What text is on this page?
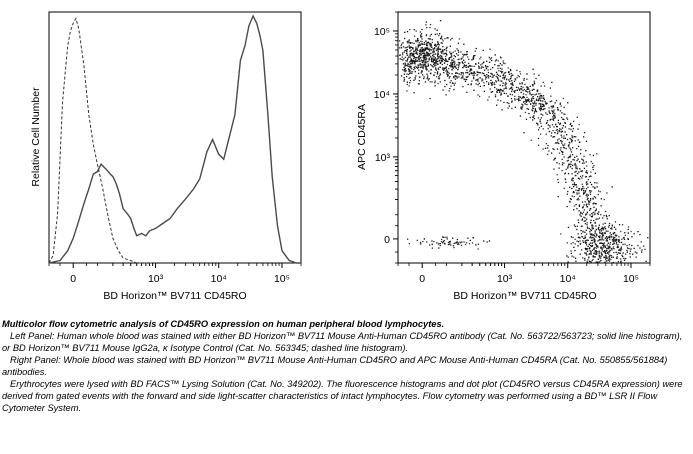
0	10³	10⁴	10⁵
BD Horizon™ BV711 CD45RO
Relative Cell Number
0	10³	10⁴	10⁵
0
10³
10⁴
10⁵
BD Horizon™ BV711 CD45RO
APC CD45RA

Multicolor flow cytometric analysis of CD45RO expression on human peripheral blood lymphocytes.

Left Panel: Human whole blood was stained with either BD Horizon™ BV711 Mouse Anti-Human CD45RO antibody (Cat. No. 563722/563723; solid line histogram), or BD Horizon™ BV711 Mouse IgG2a, κ Isotype Control (Cat. No. 563345; dashed line histogram).

Right Panel: Whole blood was stained with BD Horizon™ BV711 Mouse Anti-Human CD45RO and APC Mouse Anti-Human CD45RA (Cat. No. 550855/561884) antibodies.

Erythrocytes were lysed with BD FACS™ Lysing Solution (Cat. No. 349202). The fluorescence histograms and dot plot (CD45RO versus CD45RA expression) were derived from gated events with the forward and side light-scatter characteristics of intact lymphocytes. Flow cytometry was performed using a BD™ LSR II Flow Cytometer System.
